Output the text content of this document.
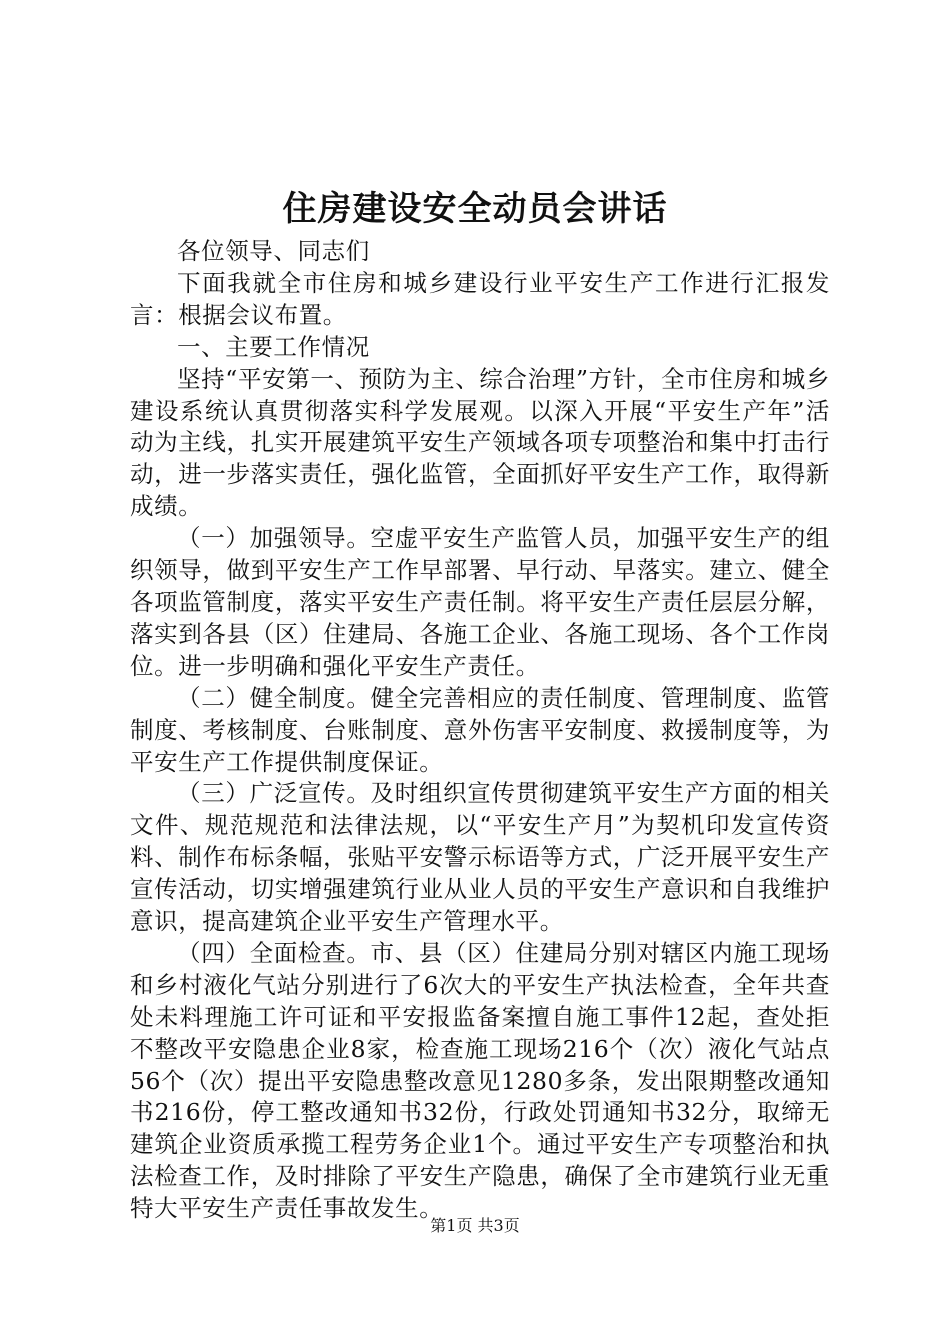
住房建设安全动员会讲话

各位领导、同志们

下面我就全市住房和城乡建设行业平安生产工作进行汇报发言：根据会议布置。

一、主要工作情况

坚持“平安第一、预防为主、综合治理”方针，全市住房和城乡建设系统认真贯彻落实科学发展观。以深入开展“平安生产年”活动为主线，扎实开展建筑平安生产领域各项专项整治和集中打击行动，进一步落实责任，强化监管，全面抓好平安生产工作，取得新成绩。

（一）加强领导。空虚平安生产监管人员，加强平安生产的组织领导，做到平安生产工作早部署、早行动、早落实。建立、健全各项监管制度，落实平安生产责任制。将平安生产责任层层分解，落实到各县（区）住建局、各施工企业、各施工现场、各个工作岗位。进一步明确和强化平安生产责任。

（二）健全制度。健全完善相应的责任制度、管理制度、监管制度、考核制度、台账制度、意外伤害平安制度、救援制度等，为平安生产工作提供制度保证。

（三）广泛宣传。及时组织宣传贯彻建筑平安生产方面的相关文件、规范规范和法律法规，以“平安生产月”为契机印发宣传资料、制作布标条幅，张贴平安警示标语等方式，广泛开展平安生产宣传活动，切实增强建筑行业从业人员的平安生产意识和自我维护意识，提高建筑企业平安生产管理水平。

（四）全面检查。市、县（区）住建局分别对辖区内施工现场和乡村液化气站分别进行了6次大的平安生产执法检查，全年共查处未料理施工许可证和平安报监备案擅自施工事件12起，查处拒不整改平安隐患企业8家，检查施工现场216个（次）液化气站点56个（次）提出平安隐患整改意见1280多条，发出限期整改通知书216份，停工整改通知书32份，行政处罚通知书32分，取缔无建筑企业资质承揽工程劳务企业1个。通过平安生产专项整治和执法检查工作，及时排除了平安生产隐患，确保了全市建筑行业无重特大平安生产责任事故发生。

第1页 共3页
